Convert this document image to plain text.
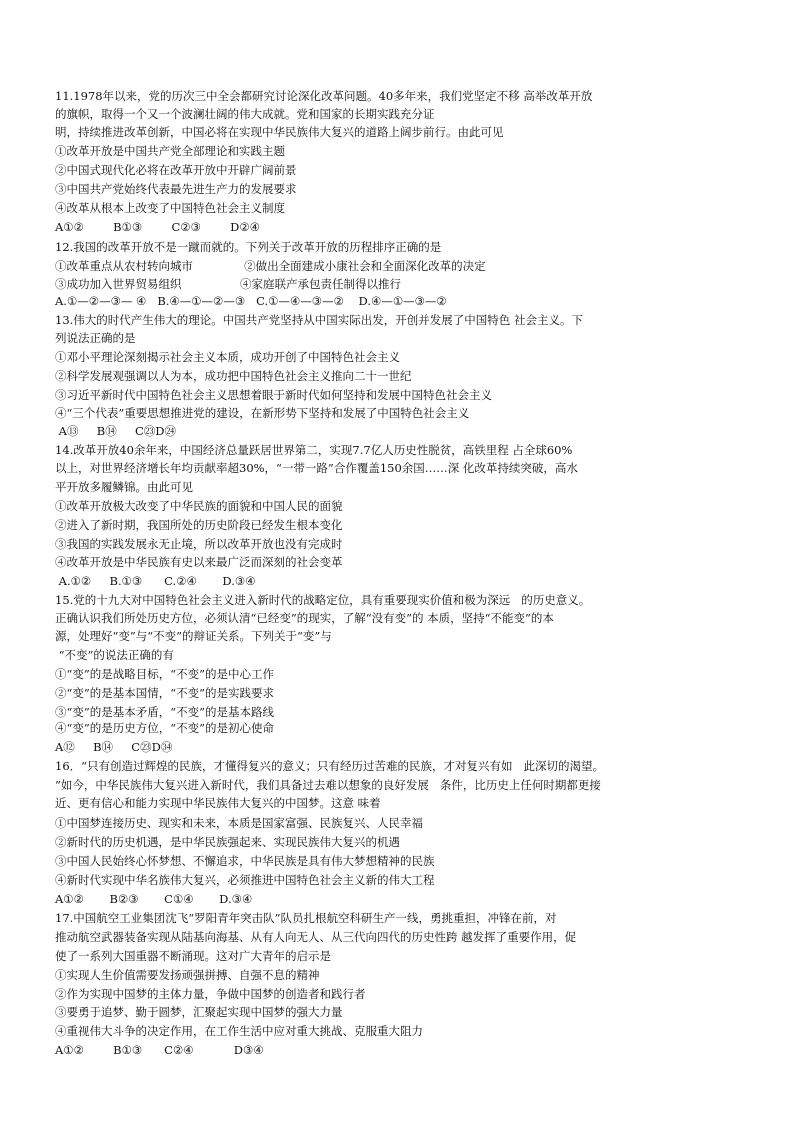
11.1978年以来，党的历次三中全会都研究讨论深化改革问题。40多年来，我们党坚定不移 高举改革开放
的旗帜，取得一个又一个波澜壮阔的伟大成就。党和国家的长期实践充分证
明，持续推进改革创新，中国必将在实现中华民族伟大复兴的道路上阔步前行。由此可见
①改革开放是中国共产党全部理论和实践主题
②中国式现代化必将在改革开放中开辟广阔前景
③中国共产党始终代表最先进生产力的发展要求
④改革从根本上改变了中国特色社会主义制度
A①②        B①③        C②③        D②④
12.我国的改革开放不是一蹴而就的。下列关于改革开放的历程排序正确的是
①改革重点从农村转向城市              ②做出全面建成小康社会和全面深化改革的决定
③成功加入世界贸易组织                ④家庭联产承包责任制得以推行
A.①—②—③— ④   B.④—①—②—③   C.①—④—③—②    D.④—①—③—②
13.伟大的时代产生伟大的理论。中国共产党坚持从中国实际出发，开创并发展了中国特色 社会主义。下
列说法正确的是
①邓小平理论深刻揭示社会主义本质，成功开创了中国特色社会主义
②科学发展观强调以人为本，成功把中国特色社会主义推向二十一世纪
③习近平新时代中国特色社会主义思想着眼于新时代如何坚持和发展中国特色社会主义
④“三个代表”重要思想推进党的建设，在新形势下坚持和发展了中国特色社会主义
A⑬     B⑭     C㉓D㉔
14.改革开放40余年来，中国经济总量跃居世界第二，实现7.7亿人历史性脱贫，高铁里程 占全球60%
以上，对世界经济增长年均贡献率超30%，“一带一路”合作覆盖150余国……深 化改革持续突破，高水
平开放多履鳞锦。由此可见
①改革开放极大改变了中华民族的面貌和中国人民的面貌
②进入了新时期，我国所处的历史阶段已经发生根本变化
③我国的实践发展永无止境，所以改革开放也没有完成时
④改革开放是中华民族有史以来最广泛而深刻的社会变革
A.①②     B.①③      C.②④       D.③④
15.党的十九大对中国特色社会主义进入新时代的战略定位，具有重要现实价值和极为深远   的历史意义。
正确认识我们所处历史方位，必须认清“已经变”的现实，了解“没有变”的 本质，坚持“不能变”的本
源，处理好“变”与“不变”的辩证关系。下列关于“变”与
“不变”的说法正确的有
①“变”的是战略目标，“不变”的是中心工作
②“变”的是基本国情，“不变”的是实践要求
③“变”的是基本矛盾，“不变”的是基本路线
④“变”的是历史方位，“不变”的是初心使命
A⑫     B⑭     C㉓D㉞
16．“只有创造过辉煌的民族，才懂得复兴的意义；只有经历过苦难的民族，才对复兴有如   此深切的渴望。
”如今，中华民族伟大复兴进入新时代，我们具备过去难以想象的良好发展   条件，比历史上任何时期都更接
近、更有信心和能力实现中华民族伟大复兴的中国梦。这意 味着
①中国梦连接历史、现实和未来，本质是国家富强、民族复兴、人民幸福
②新时代的历史机遇，是中华民族强起来、实现民族伟大复兴的机遇
③中国人民始终心怀梦想、不懈追求，中华民族是具有伟大梦想精神的民族
④新时代实现中华名族伟大复兴，必须推进中国特色社会主义新的伟大工程
A①②       B②③       C①④       D.③④
17.中国航空工业集团沈飞“罗阳青年突击队”队员扎根航空科研生产一线，勇挑重担，冲锋在前，对
推动航空武器装备实现从陆基向海基、从有人向无人、从三代向四代的历史性跨 越发挥了重要作用，促
使了一系列大国重器不断涌现。这对广大青年的启示是
①实现人生价值需要发扬顽强拼搏、自强不息的精神
②作为实现中国梦的主体力量，争做中国梦的创造者和践行者
③要勇于追梦、勤于圆梦，汇聚起实现中国梦的强大力量
④重视伟大斗争的决定作用，在工作生活中应对重大挑战、克服重大阻力
A①②        B①③      C②④           D③④
